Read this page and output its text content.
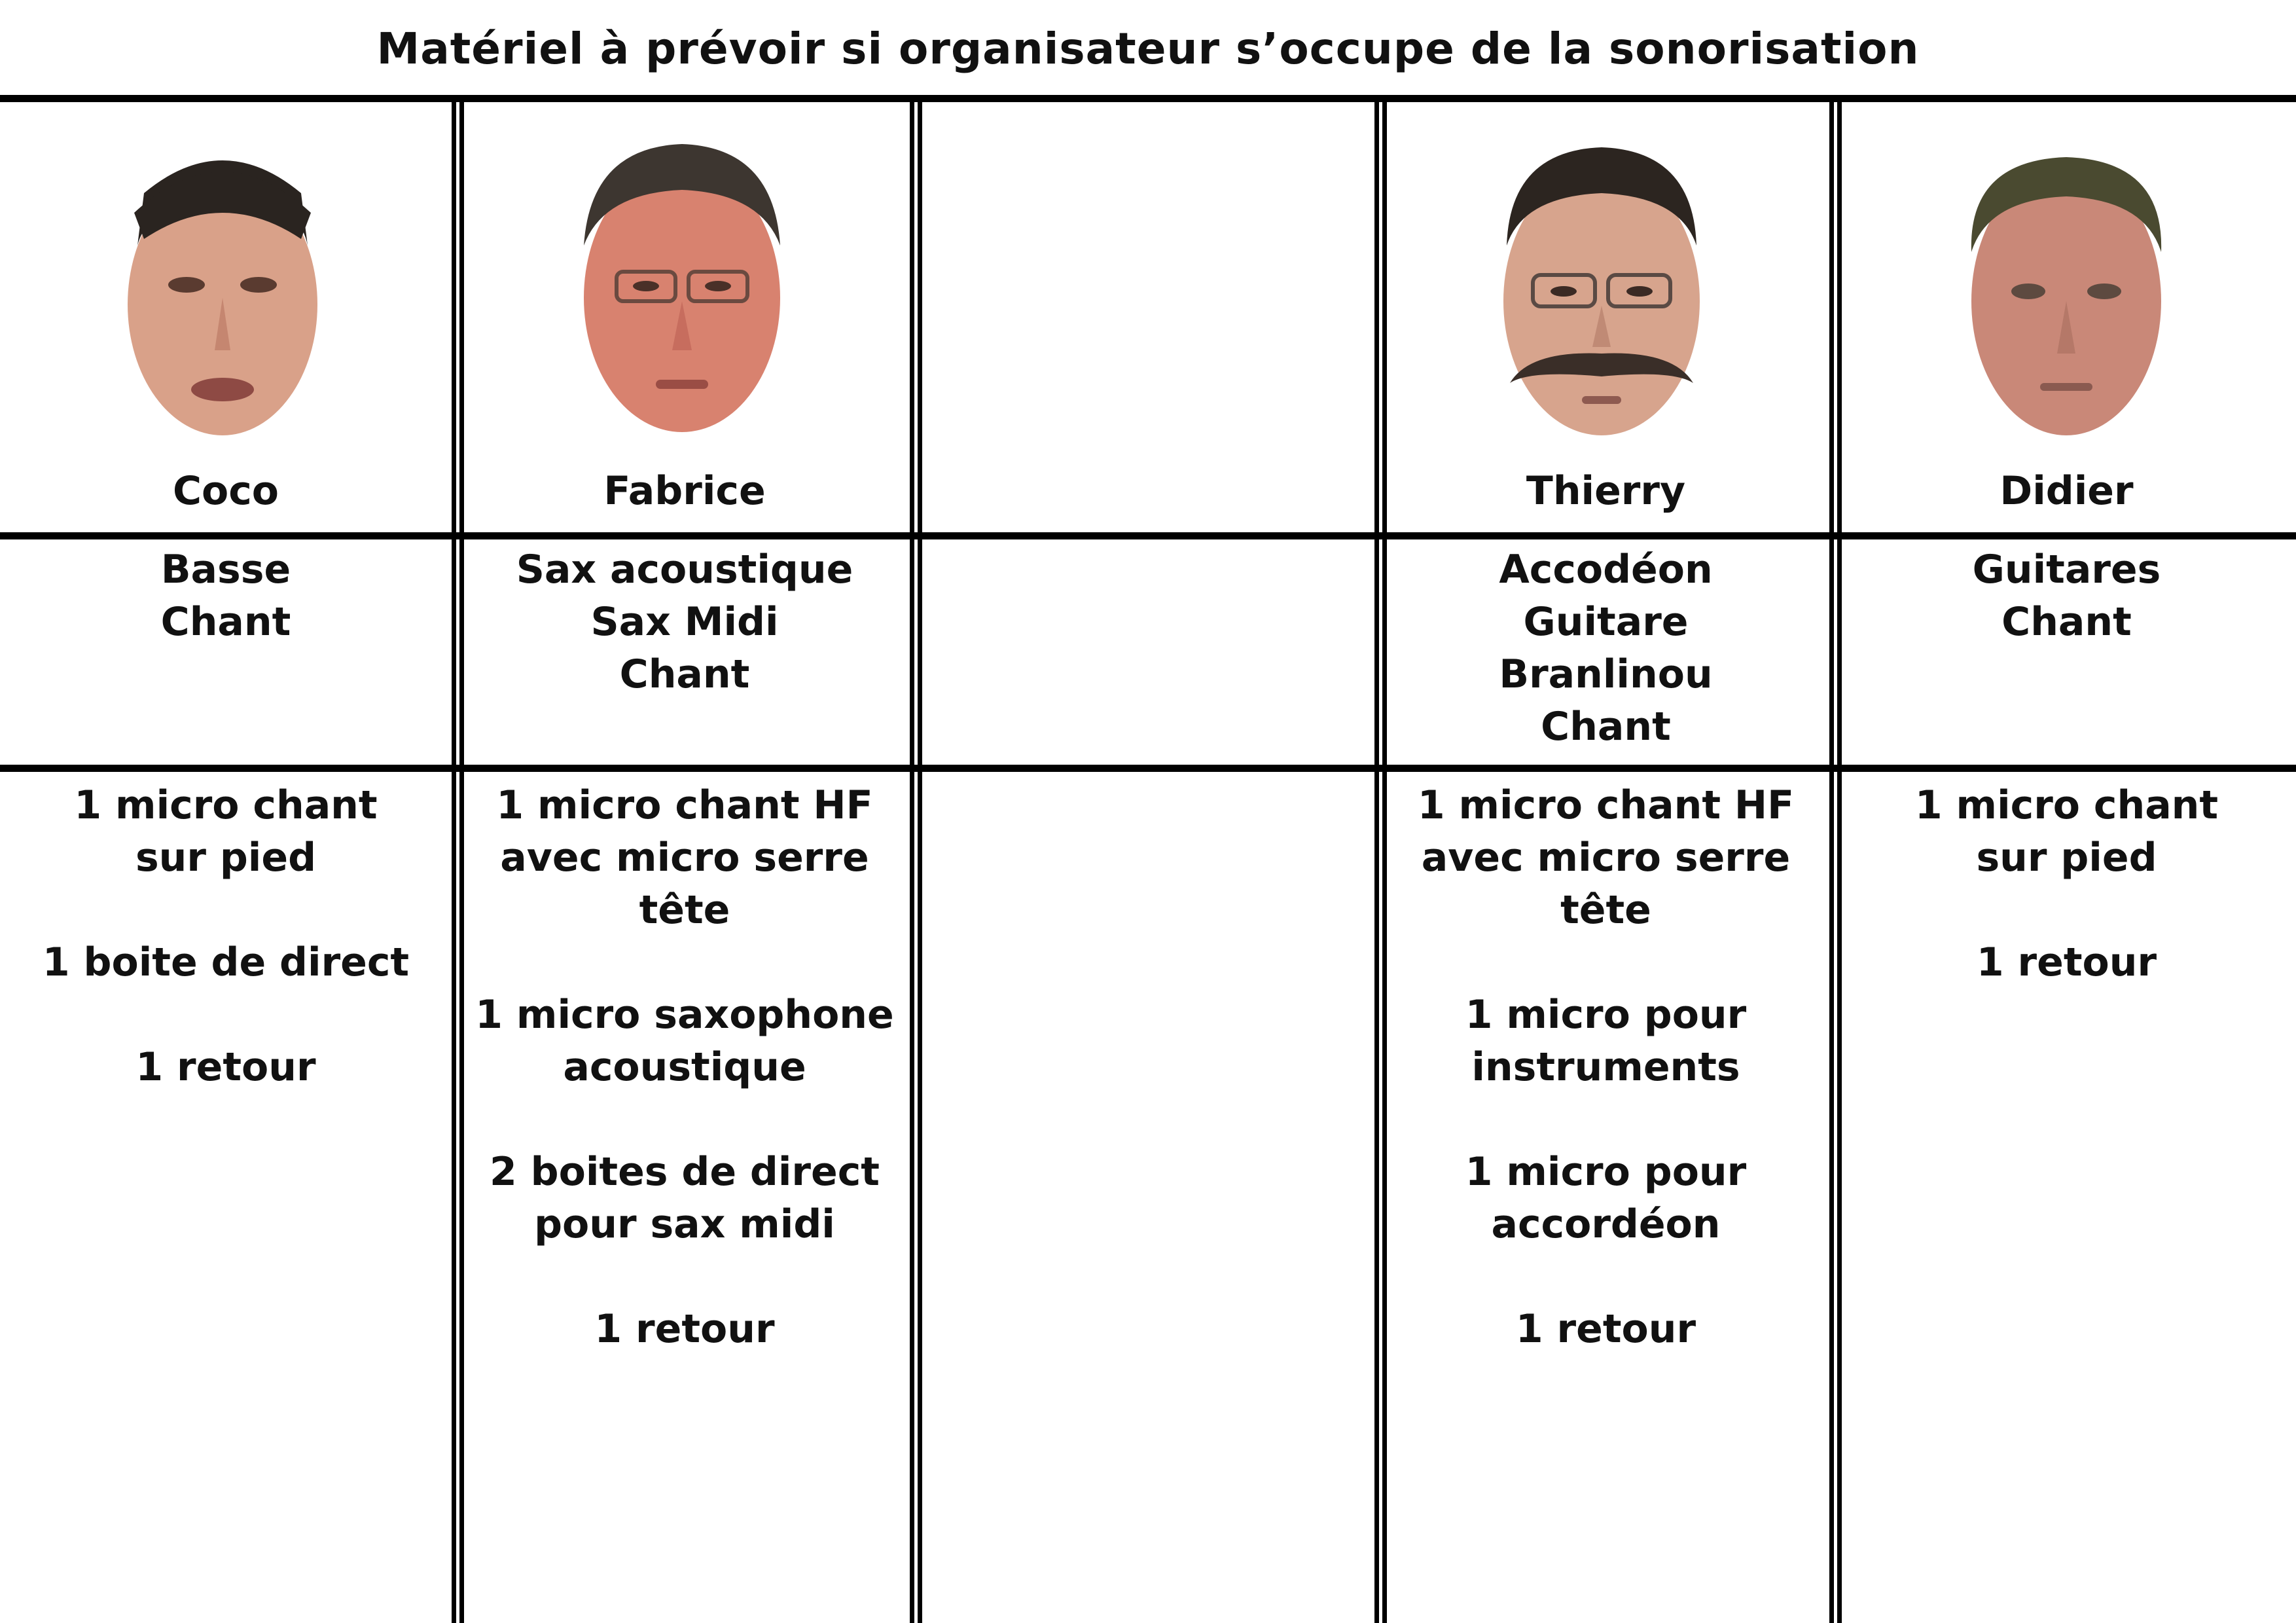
Matériel à prévoir si organisateur s’occupe de la sonorisation
Coco
Basse
Chant
1 micro chant
sur pied
1 boite de direct
1 retour
Fabrice
Sax acoustique
Sax Midi
Chant
1 micro chant HF
avec micro serre
tête
1 micro saxophone
acoustique
2 boites de direct
pour sax midi
1 retour
Thierry
Accodéon
Guitare
Branlinou
Chant
1 micro chant HF
avec micro serre
tête
1 micro pour
instruments
1 micro pour
accordéon
1 retour
Didier
Guitares
Chant
1 micro chant
sur pied
1 retour
